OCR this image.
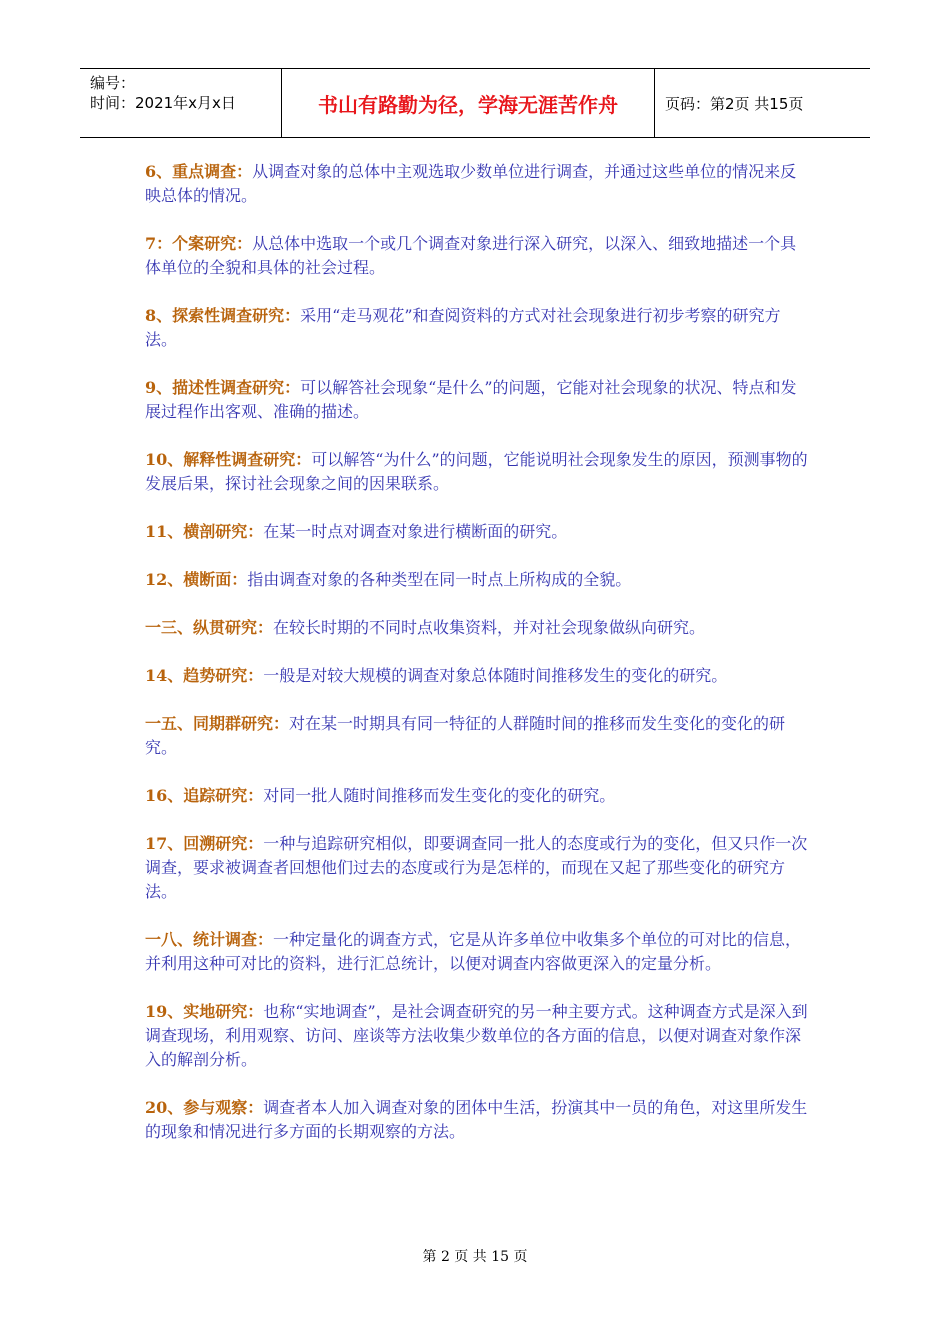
编号：
时间：2021年x月x日	书山有路勤为径，学海无涯苦作舟	页码：第2页 共15页
6、重点调查：从调查对象的总体中主观选取少数单位进行调查，并通过这些单位的情况来反映总体的情况。
7：个案研究：从总体中选取一个或几个调查对象进行深入研究，以深入、细致地描述一个具体单位的全貌和具体的社会过程。
8、探索性调查研究：采用“走马观花”和查阅资料的方式对社会现象进行初步考察的研究方法。
9、描述性调查研究：可以解答社会现象“是什么”的问题，它能对社会现象的状况、特点和发展过程作出客观、准确的描述。
10、解释性调查研究：可以解答“为什么”的问题，它能说明社会现象发生的原因，预测事物的发展后果，探讨社会现象之间的因果联系。
11、横剖研究：在某一时点对调查对象进行横断面的研究。
12、横断面：指由调查对象的各种类型在同一时点上所构成的全貌。
一三、纵贯研究：在较长时期的不同时点收集资料，并对社会现象做纵向研究。
14、趋势研究：一般是对较大规模的调查对象总体随时间推移发生的变化的研究。
一五、同期群研究：对在某一时期具有同一特征的人群随时间的推移而发生变化的变化的研究。
16、追踪研究：对同一批人随时间推移而发生变化的变化的研究。
17、回溯研究：一种与追踪研究相似，即要调查同一批人的态度或行为的变化，但又只作一次调查，要求被调查者回想他们过去的态度或行为是怎样的，而现在又起了那些变化的研究方法。
一八、统计调查：一种定量化的调查方式，它是从许多单位中收集多个单位的可对比的信息，并利用这种可对比的资料，进行汇总统计，以便对调查内容做更深入的定量分析。
19、实地研究：也称“实地调查”，是社会调查研究的另一种主要方式。这种调查方式是深入到调查现场，利用观察、访问、座谈等方法收集少数单位的各方面的信息，以便对调查对象作深入的解剖分析。
20、参与观察：调查者本人加入调查对象的团体中生活，扮演其中一员的角色，对这里所发生的现象和情况进行多方面的长期观察的方法。
第 2 页 共 15 页
